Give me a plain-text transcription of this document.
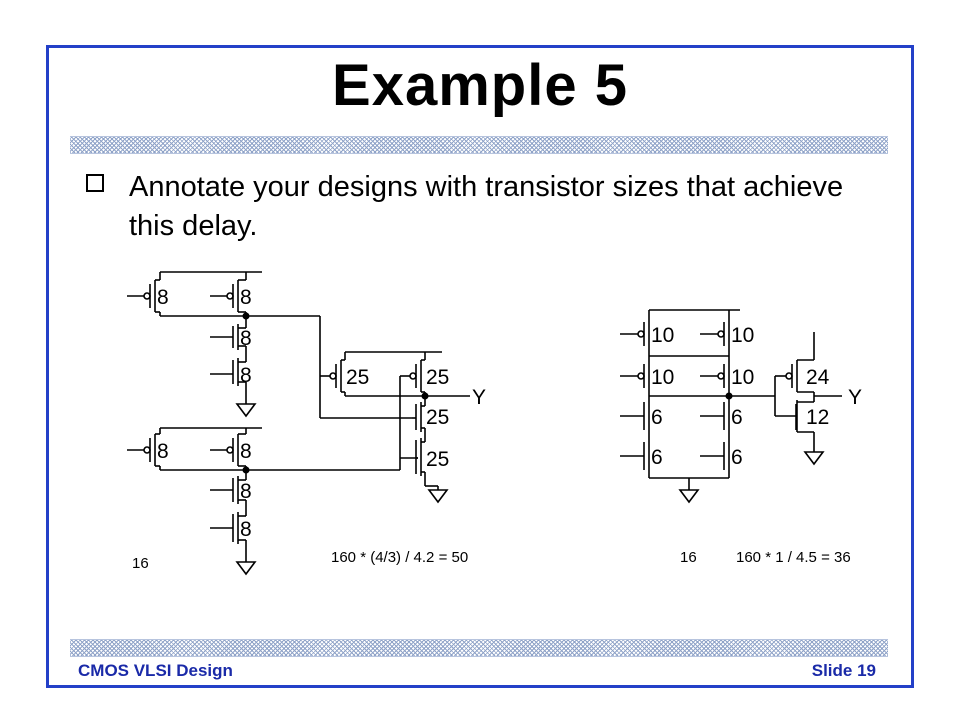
Example 5
Annotate your designs with transistor sizes that achieve this delay.
8	8
8
8
8	8
8
8
25	25
25
25
Y
16	160 * (4/3) / 4.2 = 50
10	10
10	10
6	6
6	6
24
12
Y
16	160 * 1 / 4.5 = 36
CMOS VLSI Design	Slide 19
